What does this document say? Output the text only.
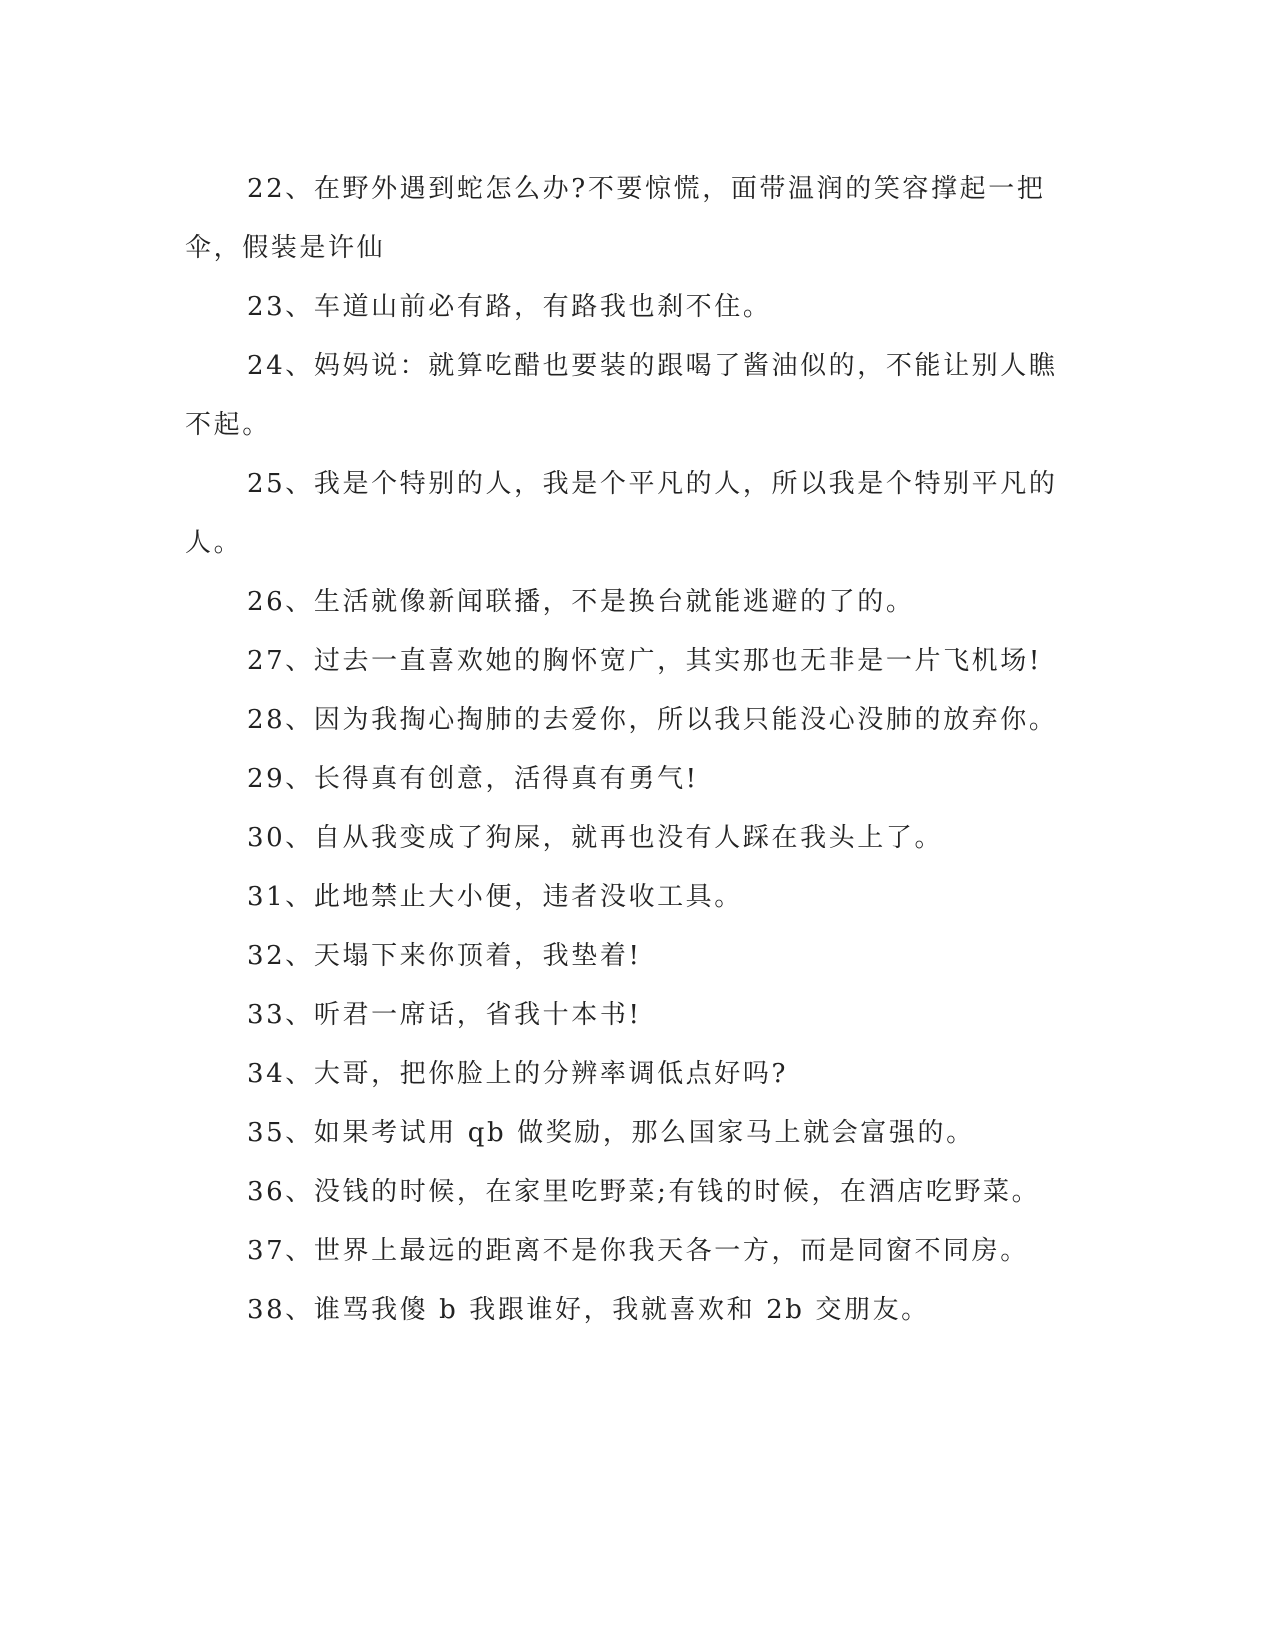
22、在野外遇到蛇怎么办?不要惊慌，面带温润的笑容撑起一把伞，假装是许仙

23、车道山前必有路，有路我也刹不住。

24、妈妈说：就算吃醋也要装的跟喝了酱油似的，不能让别人瞧不起。

25、我是个特别的人，我是个平凡的人，所以我是个特别平凡的人。

26、生活就像新闻联播，不是换台就能逃避的了的。

27、过去一直喜欢她的胸怀宽广，其实那也无非是一片飞机场!

28、因为我掏心掏肺的去爱你，所以我只能没心没肺的放弃你。

29、长得真有创意，活得真有勇气!

30、自从我变成了狗屎，就再也没有人踩在我头上了。

31、此地禁止大小便，违者没收工具。

32、天塌下来你顶着，我垫着!

33、听君一席话，省我十本书!

34、大哥，把你脸上的分辨率调低点好吗?

35、如果考试用 qb 做奖励，那么国家马上就会富强的。

36、没钱的时候，在家里吃野菜;有钱的时候，在酒店吃野菜。

37、世界上最远的距离不是你我天各一方，而是同窗不同房。

38、谁骂我傻 b 我跟谁好，我就喜欢和 2b 交朋友。
